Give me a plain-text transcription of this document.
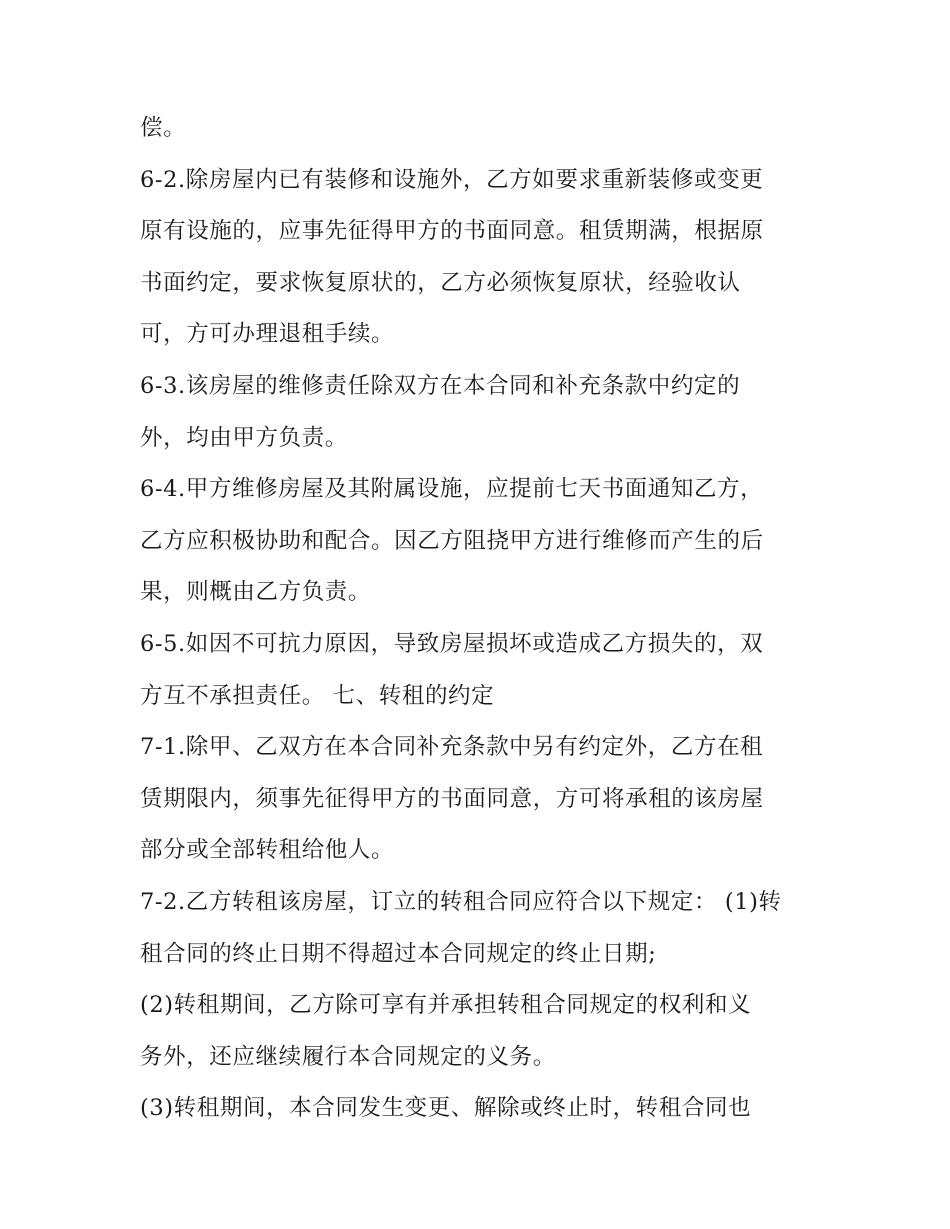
偿。

6-2.除房屋内已有装修和设施外，乙方如要求重新装修或变更

原有设施的，应事先征得甲方的书面同意。租赁期满，根据原

书面约定，要求恢复原状的，乙方必须恢复原状，经验收认

可，方可办理退租手续。

6-3.该房屋的维修责任除双方在本合同和补充条款中约定的

外，均由甲方负责。

6-4.甲方维修房屋及其附属设施，应提前七天书面通知乙方，

乙方应积极协助和配合。因乙方阻挠甲方进行维修而产生的后

果，则概由乙方负责。

6-5.如因不可抗力原因，导致房屋损坏或造成乙方损失的，双

方互不承担责任。 七、转租的约定

7-1.除甲、乙双方在本合同补充条款中另有约定外，乙方在租

赁期限内，须事先征得甲方的书面同意，方可将承租的该房屋

部分或全部转租给他人。

7-2.乙方转租该房屋，订立的转租合同应符合以下规定： (1)转

租合同的终止日期不得超过本合同规定的终止日期;

(2)转租期间，乙方除可享有并承担转租合同规定的权利和义

务外，还应继续履行本合同规定的义务。

(3)转租期间，本合同发生变更、解除或终止时，转租合同也
